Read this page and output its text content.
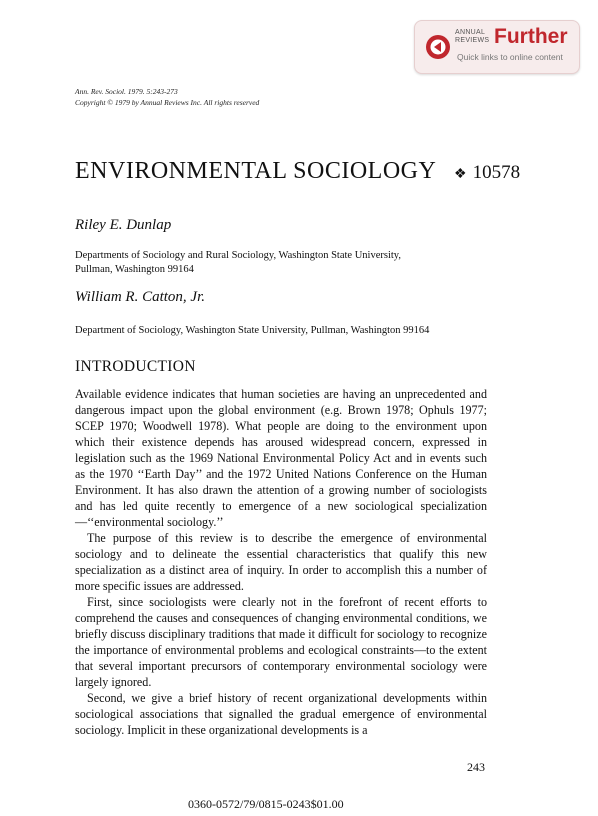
ANNUAL
REVIEWS Further
Quick links to online content
Ann. Rev. Sociol. 1979. 5:243-273
Copyright © 1979 by Annual Reviews Inc. All rights reserved
ENVIRONMENTAL SOCIOLOGY ❖ 10578
Riley E. Dunlap
Departments of Sociology and Rural Sociology, Washington State University,
Pullman, Washington 99164
William R. Catton, Jr.
Department of Sociology, Washington State University, Pullman, Washington 99164
INTRODUCTION

Available evidence indicates that human societies are having an unprecedented and dangerous impact upon the global environment (e.g. Brown 1978; Ophuls 1977; SCEP 1970; Woodwell 1978). What people are doing to the environment upon which their existence depends has aroused widespread concern, expressed in legislation such as the 1969 National Environmental Policy Act and in events such as the 1970 ‘‘Earth Day’’ and the 1972 United Nations Conference on the Human Environment. It has also drawn the attention of a growing number of sociologists and has led quite recently to emergence of a new sociological specialization—‘‘environmental sociology.’’

The purpose of this review is to describe the emergence of environmental sociology and to delineate the essential characteristics that qualify this new specialization as a distinct area of inquiry. In order to accomplish this a number of more specific issues are addressed.

First, since sociologists were clearly not in the forefront of recent efforts to comprehend the causes and consequences of changing environmental conditions, we briefly discuss disciplinary traditions that made it difficult for sociology to recognize the importance of environmental problems and ecological constraints—to the extent that several important precursors of contemporary environmental sociology were largely ignored.

Second, we give a brief history of recent organizational developments within sociological associations that signalled the gradual emergence of environmental sociology. Implicit in these organizational developments is a

243
0360-0572/79/0815-0243$01.00
